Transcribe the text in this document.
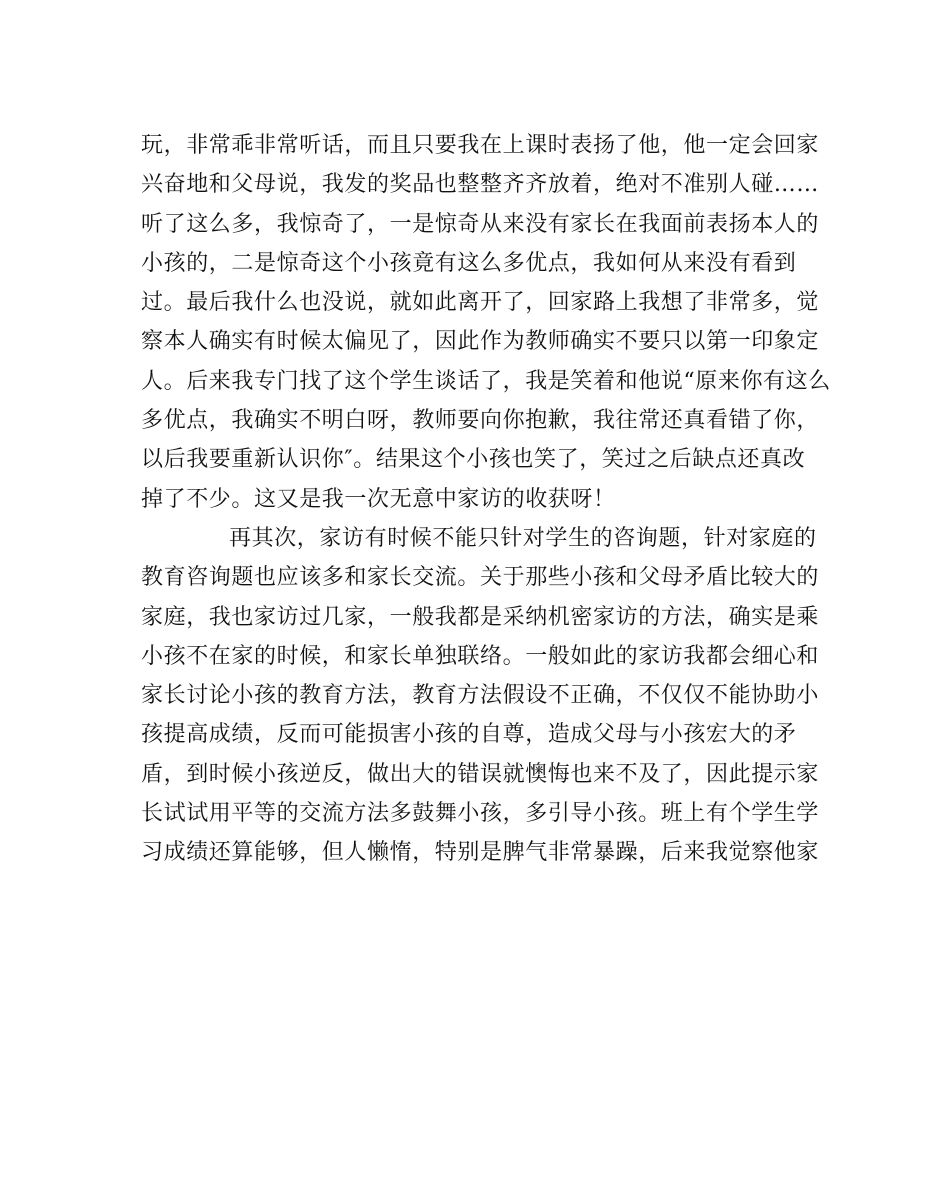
玩，非常乖非常听话，而且只要我在上课时表扬了他，他一定会回家
兴奋地和父母说，我发的奖品也整整齐齐放着，绝对不准别人碰……
听了这么多，我惊奇了，一是惊奇从来没有家长在我面前表扬本人的
小孩的，二是惊奇这个小孩竟有这么多优点，我如何从来没有看到
过。最后我什么也没说，就如此离开了，回家路上我想了非常多，觉
察本人确实有时候太偏见了，因此作为教师确实不要只以第一印象定
人。后来我专门找了这个学生谈话了，我是笑着和他说“原来你有这么
多优点，我确实不明白呀，教师要向你抱歉，我往常还真看错了你，
以后我要重新认识你″。结果这个小孩也笑了，笑过之后缺点还真改
掉了不少。这又是我一次无意中家访的收获呀！
再其次，家访有时候不能只针对学生的咨询题，针对家庭的
教育咨询题也应该多和家长交流。关于那些小孩和父母矛盾比较大的
家庭，我也家访过几家，一般我都是采纳机密家访的方法，确实是乘
小孩不在家的时候，和家长单独联络。一般如此的家访我都会细心和
家长讨论小孩的教育方法，教育方法假设不正确，不仅仅不能协助小
孩提高成绩，反而可能损害小孩的自尊，造成父母与小孩宏大的矛
盾，到时候小孩逆反，做出大的错误就懊悔也来不及了，因此提示家
长试试用平等的交流方法多鼓舞小孩，多引导小孩。班上有个学生学
习成绩还算能够，但人懒惰，特别是脾气非常暴躁，后来我觉察他家
